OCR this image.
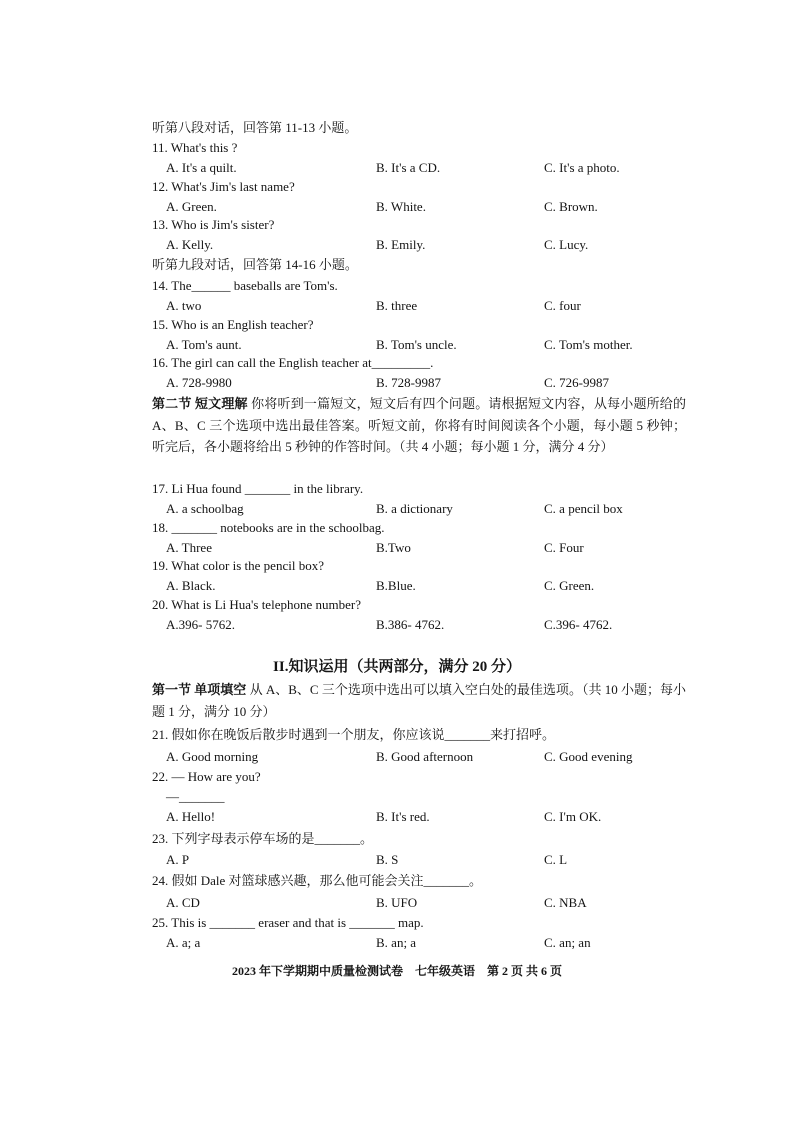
听第八段对话，回答第 11-13 小题。
11. What's this ?
A. It's a quilt.	B. It's a CD.	C. It's a photo.
12. What's Jim's last name?
A. Green.	B. White.	C. Brown.
13. Who is Jim's sister?
A. Kelly.	B. Emily.	C. Lucy.
听第九段对话，回答第 14-16 小题。
14. The______ baseballs are Tom's.
A. two	B. three	C. four
15. Who is an English teacher?
A. Tom's aunt.	B. Tom's uncle.	C. Tom's mother.
16. The girl can call the English teacher at_________.
A. 728-9980	B. 728-9987	C. 726-9987
第二节 短文理解 你将听到一篇短文，短文后有四个问题。请根据短文内容，从每小题所给的 A、B、C 三个选项中选出最佳答案。听短文前，你将有时间阅读各个小题，每小题 5 秒钟；听完后，各小题将给出 5 秒钟的作答时间。（共 4 小题；每小题 1 分，满分 4 分）
17. Li Hua found _______ in the library.
A. a schoolbag	B. a dictionary	C. a pencil box
18. _______ notebooks are in the schoolbag.
A. Three	B.Two	C. Four
19. What color is the pencil box?
A. Black.	B.Blue.	C. Green.
20. What is Li Hua's telephone number?
A.396- 5762.	B.386- 4762.	C.396- 4762.
II.知识运用（共两部分，满分 20 分）
第一节 单项填空 从 A、B、C 三个选项中选出可以填入空白处的最佳选项。（共 10 小题；每小题 1 分，满分 10 分）
21. 假如你在晚饭后散步时遇到一个朋友，你应该说_______来打招呼。
A. Good morning	B. Good afternoon	C. Good evening
22. — How are you?
—_______
A. Hello!	B. It's red.	C. I'm OK.
23. 下列字母表示停车场的是_______。
A. P	B. S	C. L
24. 假如 Dale 对篮球感兴趣，那么他可能会关注_______。
A. CD	B. UFO	C. NBA
25. This is _______ eraser and that is _______ map.
A. a; a	B. an; a	C. an; an
2023 年下学期期中质量检测试卷　七年级英语　第 2 页 共 6 页
